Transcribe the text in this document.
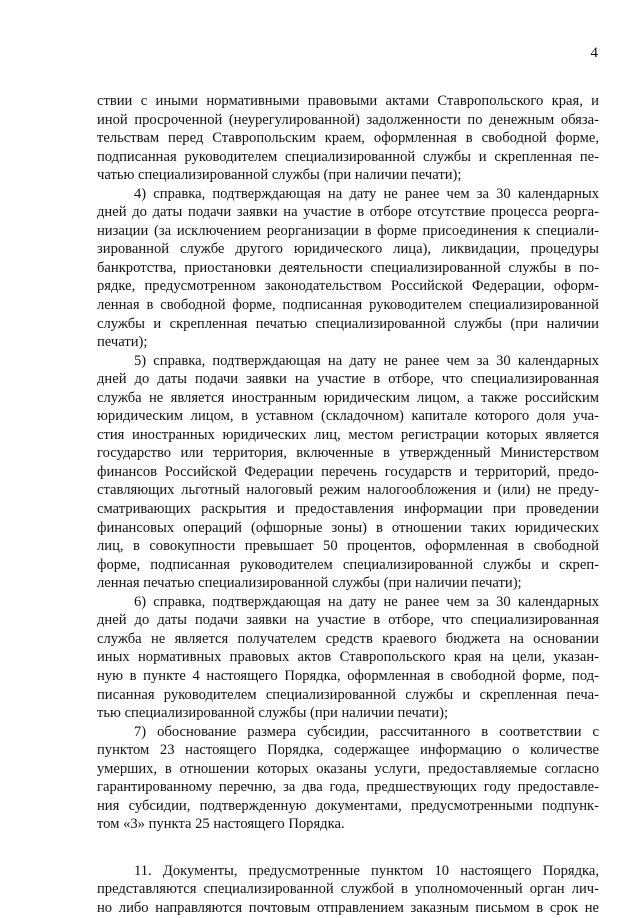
4
ствии с иными нормативными правовыми актами Ставропольского края, и
иной просроченной (неурегулированной) задолженности по денежным обяза-
тельствам перед Ставропольским краем, оформленная в свободной форме,
подписанная руководителем специализированной службы и скрепленная пе-
чатью специализированной службы (при наличии печати);
4) справка, подтверждающая на дату не ранее чем за 30 календарных
дней до даты подачи заявки на участие в отборе отсутствие процесса реорга-
низации (за исключением реорганизации в форме присоединения к специали-
зированной службе другого юридического лица), ликвидации, процедуры
банкротства, приостановки деятельности специализированной службы в по-
рядке, предусмотренном законодательством Российской Федерации, оформ-
ленная в свободной форме, подписанная руководителем специализированной
службы и скрепленная печатью специализированной службы (при наличии
печати);
5) справка, подтверждающая на дату не ранее чем за 30 календарных
дней до даты подачи заявки на участие в отборе, что специализированная
служба не является иностранным юридическим лицом, а также российским
юридическим лицом, в уставном (складочном) капитале которого доля уча-
стия иностранных юридических лиц, местом регистрации которых является
государство или территория, включенные в утвержденный Министерством
финансов Российской Федерации перечень государств и территорий, предо-
ставляющих льготный налоговый режим налогообложения и (или) не преду-
сматривающих раскрытия и предоставления информации при проведении
финансовых операций (офшорные зоны) в отношении таких юридических
лиц, в совокупности превышает 50 процентов, оформленная в свободной
форме, подписанная руководителем специализированной службы и скреп-
ленная печатью специализированной службы (при наличии печати);
6) справка, подтверждающая на дату не ранее чем за 30 календарных
дней до даты подачи заявки на участие в отборе, что специализированная
служба не является получателем средств краевого бюджета на основании
иных нормативных правовых актов Ставропольского края на цели, указан-
ную в пункте 4 настоящего Порядка, оформленная в свободной форме, под-
писанная руководителем специализированной службы и скрепленная печа-
тью специализированной службы (при наличии печати);
7) обоснование размера субсидии, рассчитанного в соответствии с
пунктом 23 настоящего Порядка, содержащее информацию о количестве
умерших, в отношении которых оказаны услуги, предоставляемые согласно
гарантированному перечню, за два года, предшествующих году предоставле-
ния субсидии, подтвержденную документами, предусмотренными подпунк-
том «3» пункта 25 настоящего Порядка.
11. Документы, предусмотренные пунктом 10 настоящего Порядка,
представляются специализированной службой в уполномоченный орган лич-
но либо направляются почтовым отправлением заказным письмом в срок не
